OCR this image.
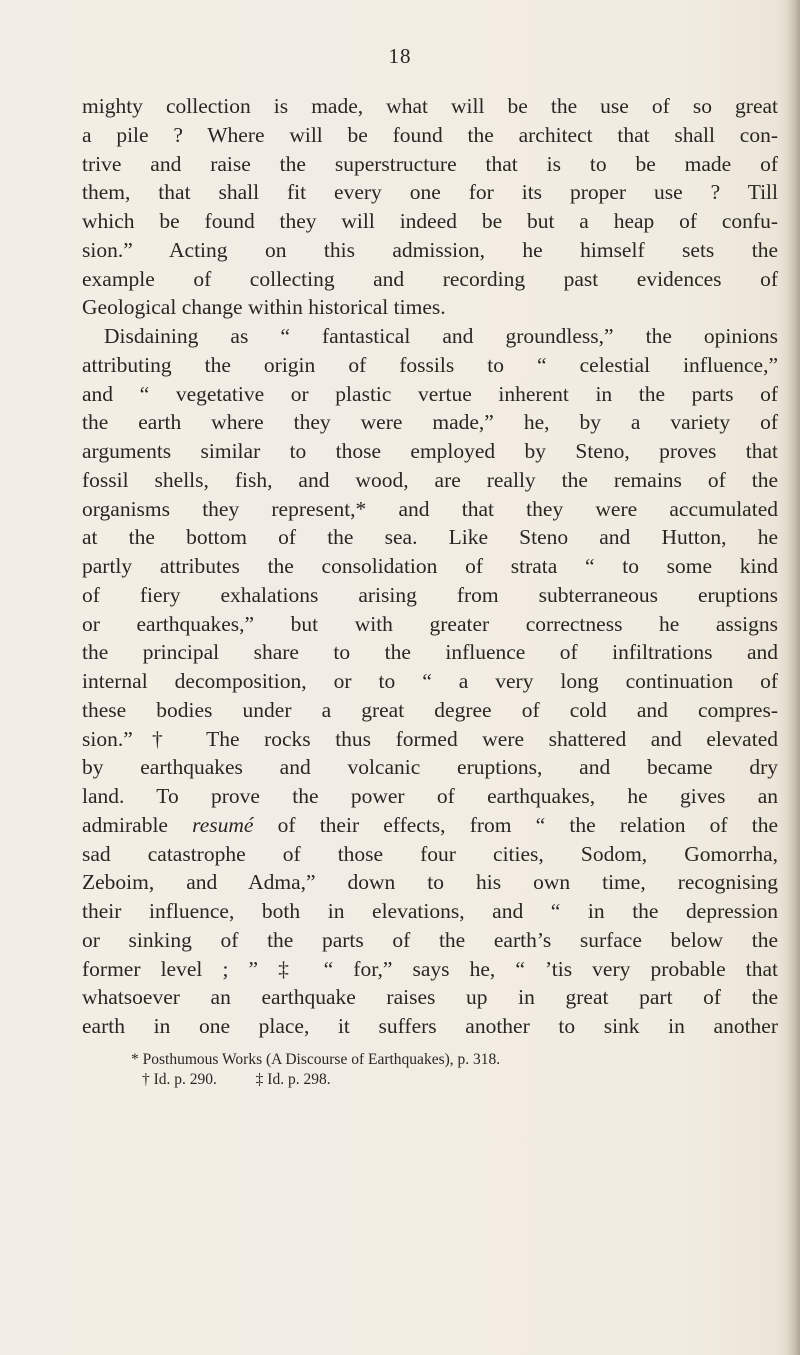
18
mighty collection is made, what will be the use of so great
a pile ? Where will be found the architect that shall con-
trive and raise the superstructure that is to be made of
them, that shall fit every one for its proper use ? Till
which be found they will indeed be but a heap of confu-
sion.” Acting on this admission, he himself sets the
example of collecting and recording past evidences of
Geological change within historical times.
Disdaining as “ fantastical and groundless,” the opinions
attributing the origin of fossils to “ celestial influence,”
and “ vegetative or plastic vertue inherent in the parts of
the earth where they were made,” he, by a variety of
arguments similar to those employed by Steno, proves that
fossil shells, fish, and wood, are really the remains of the
organisms they represent,* and that they were accumulated
at the bottom of the sea. Like Steno and Hutton, he
partly attributes the consolidation of strata “ to some kind
of fiery exhalations arising from subterraneous eruptions
or earthquakes,” but with greater correctness he assigns
the principal share to the influence of infiltrations and
internal decomposition, or to “ a very long continuation of
these bodies under a great degree of cold and compres-
sion.”† The rocks thus formed were shattered and elevated
by earthquakes and volcanic eruptions, and became dry
land. To prove the power of earthquakes, he gives an
admirable resumé of their effects, from “ the relation of the
sad catastrophe of those four cities, Sodom, Gomorrha,
Zeboim, and Adma,” down to his own time, recognising
their influence, both in elevations, and “ in the depression
or sinking of the parts of the earth’s surface below the
former level ; ” ‡ “ for,” says he, “ ’tis very probable that
whatsoever an earthquake raises up in great part of the
earth in one place, it suffers another to sink in another
* Posthumous Works (A Discourse of Earthquakes), p. 318.
† Id. p. 290.          ‡ Id. p. 298.
